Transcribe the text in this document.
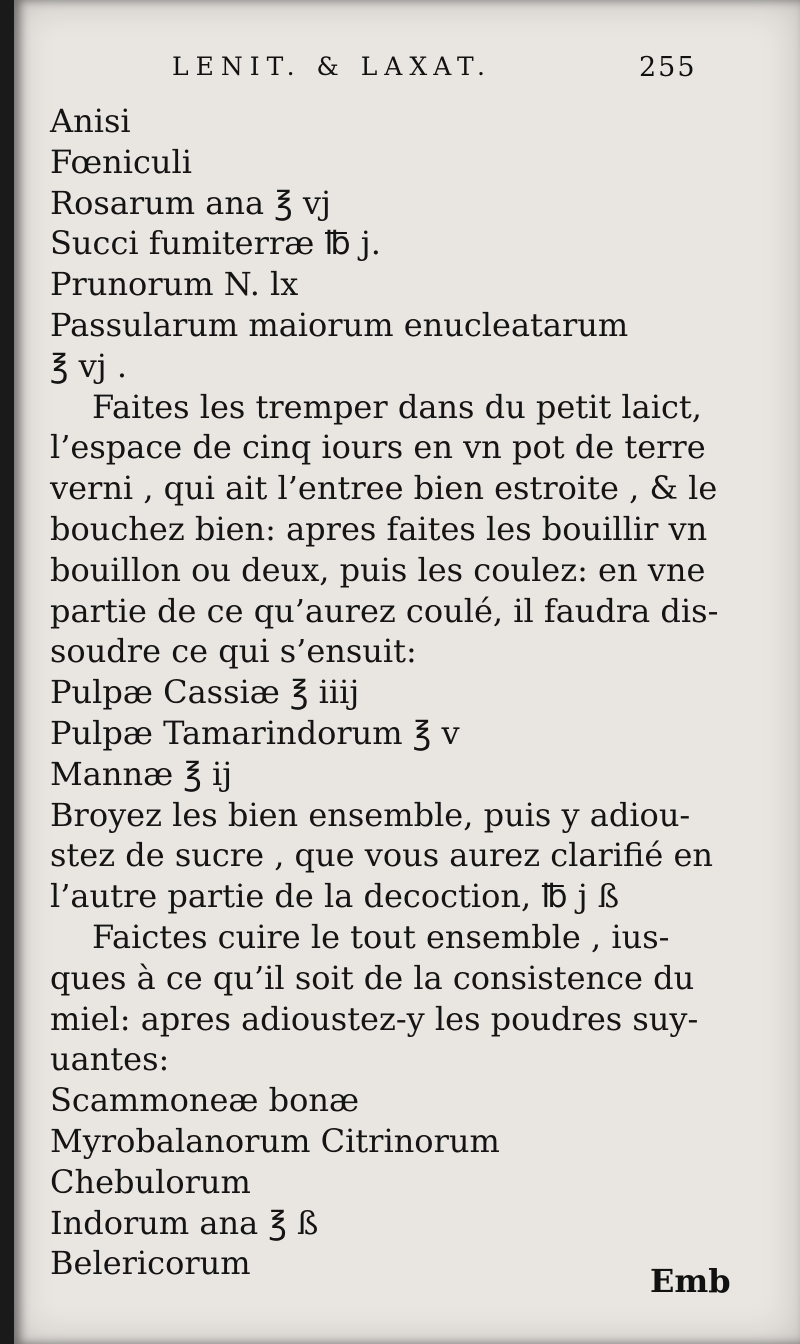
LENIT. & LAXAT.	255
Anisi
Fœniculi
Rosarum ana ℥ vj
Succi fumiterræ ℔ j.
Prunorum N. lx
Passularum maiorum enucleatarum
℥ vj .
Faites les tremper dans du petit laict,
l’espace de cinq iours en vn pot de terre
verni , qui ait l’entree bien estroite , & le
bouchez bien: apres faites les bouillir vn
bouillon ou deux, puis les coulez: en vne
partie de ce qu’aurez coulé, il faudra dis-
soudre ce qui s’ensuit:
Pulpæ Cassiæ ℥ iiij
Pulpæ Tamarindorum ℥ v
Mannæ ℥ ij
Broyez les bien ensemble, puis y adiou-
stez de sucre , que vous aurez clarifié en
l’autre partie de la decoction, ℔ j ß
Faictes cuire le tout ensemble , ius-
ques à ce qu’il soit de la consistence du
miel: apres adioustez-y les poudres suy-
uantes:
Scammoneæ bonæ
Myrobalanorum Citrinorum
Chebulorum
Indorum ana ℥ ß
Belericorum	Emb
